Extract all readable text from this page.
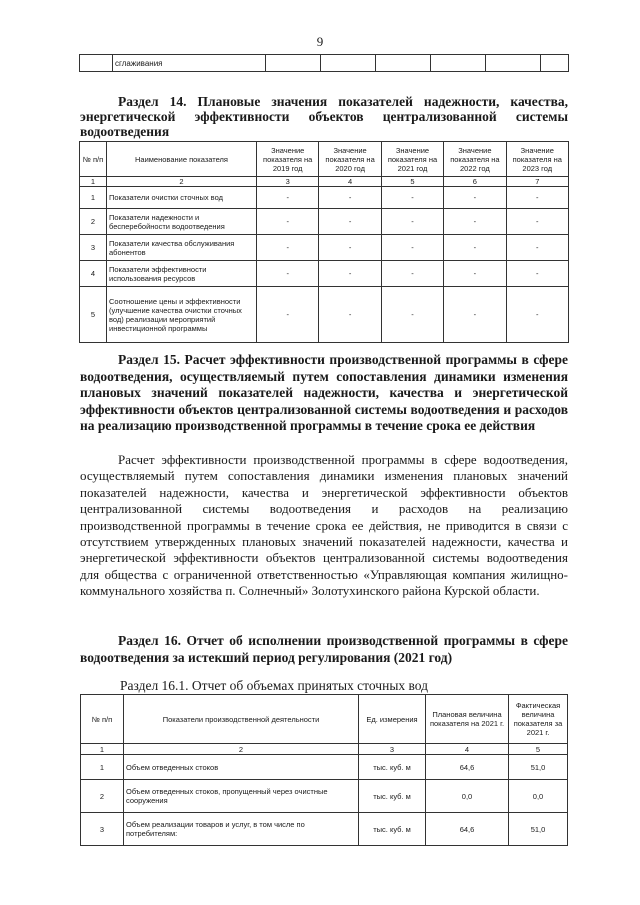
9
	сглаживания						
Раздел 14. Плановые значения показателей надежности, качества, энергетической эффективности объектов централизованной системы водоотведения
№ п/п	Наименование показателя	Значение показателя на 2019 год	Значение показателя на 2020 год	Значение показателя на 2021 год	Значение показателя на 2022 год	Значение показателя на 2023 год
1	2	3	4	5	6	7
1	Показатели очистки сточных вод	-	-	-	-	-
2	Показатели надежности и бесперебойности водоотведения	-	-	-	-	-
3	Показатели качества обслуживания абонентов	-	-	-	-	-
4	Показатели эффективности использования ресурсов	-	-	-	-	-
5	Соотношение цены и эффективности (улучшение качества очистки сточных вод) реализации мероприятий инвестиционной программы	-	-	-	-	-
Раздел 15. Расчет эффективности производственной программы в сфере водоотведения, осуществляемый путем сопоставления динамики изменения плановых значений показателей надежности, качества и энергетической эффективности объектов централизованной системы водоотведения и расходов на реализацию производственной программы в течение срока ее действия
Расчет эффективности производственной программы в сфере водоотведения, осуществляемый путем сопоставления динамики изменения плановых значений показателей надежности, качества и энергетической эффективности объектов централизованной системы водоотведения и расходов на реализацию производственной программы в течение срока ее действия, не приводится в связи с отсутствием утвержденных плановых значений показателей надежности, качества и энергетической эффективности объектов централизованной системы водоотведения для общества с ограниченной ответственностью «Управляющая компания жилищно-коммунального хозяйства п. Солнечный» Золотухинского района Курской области.
Раздел 16. Отчет об исполнении производственной программы в сфере водоотведения за истекший период регулирования (2021 год)
Раздел 16.1. Отчет об объемах принятых сточных вод
№ п/п	Показатели производственной деятельности	Ед. измерения	Плановая величина показателя на 2021 г.	Фактическая величина показателя за 2021 г.
1	2	3	4	5
1	Объем отведенных стоков	тыс. куб. м	64,6	51,0
2	Объем отведенных стоков, пропущенный через очистные сооружения	тыс. куб. м	0,0	0,0
3	Объем реализации товаров и услуг, в том числе по потребителям:	тыс. куб. м	64,6	51,0
